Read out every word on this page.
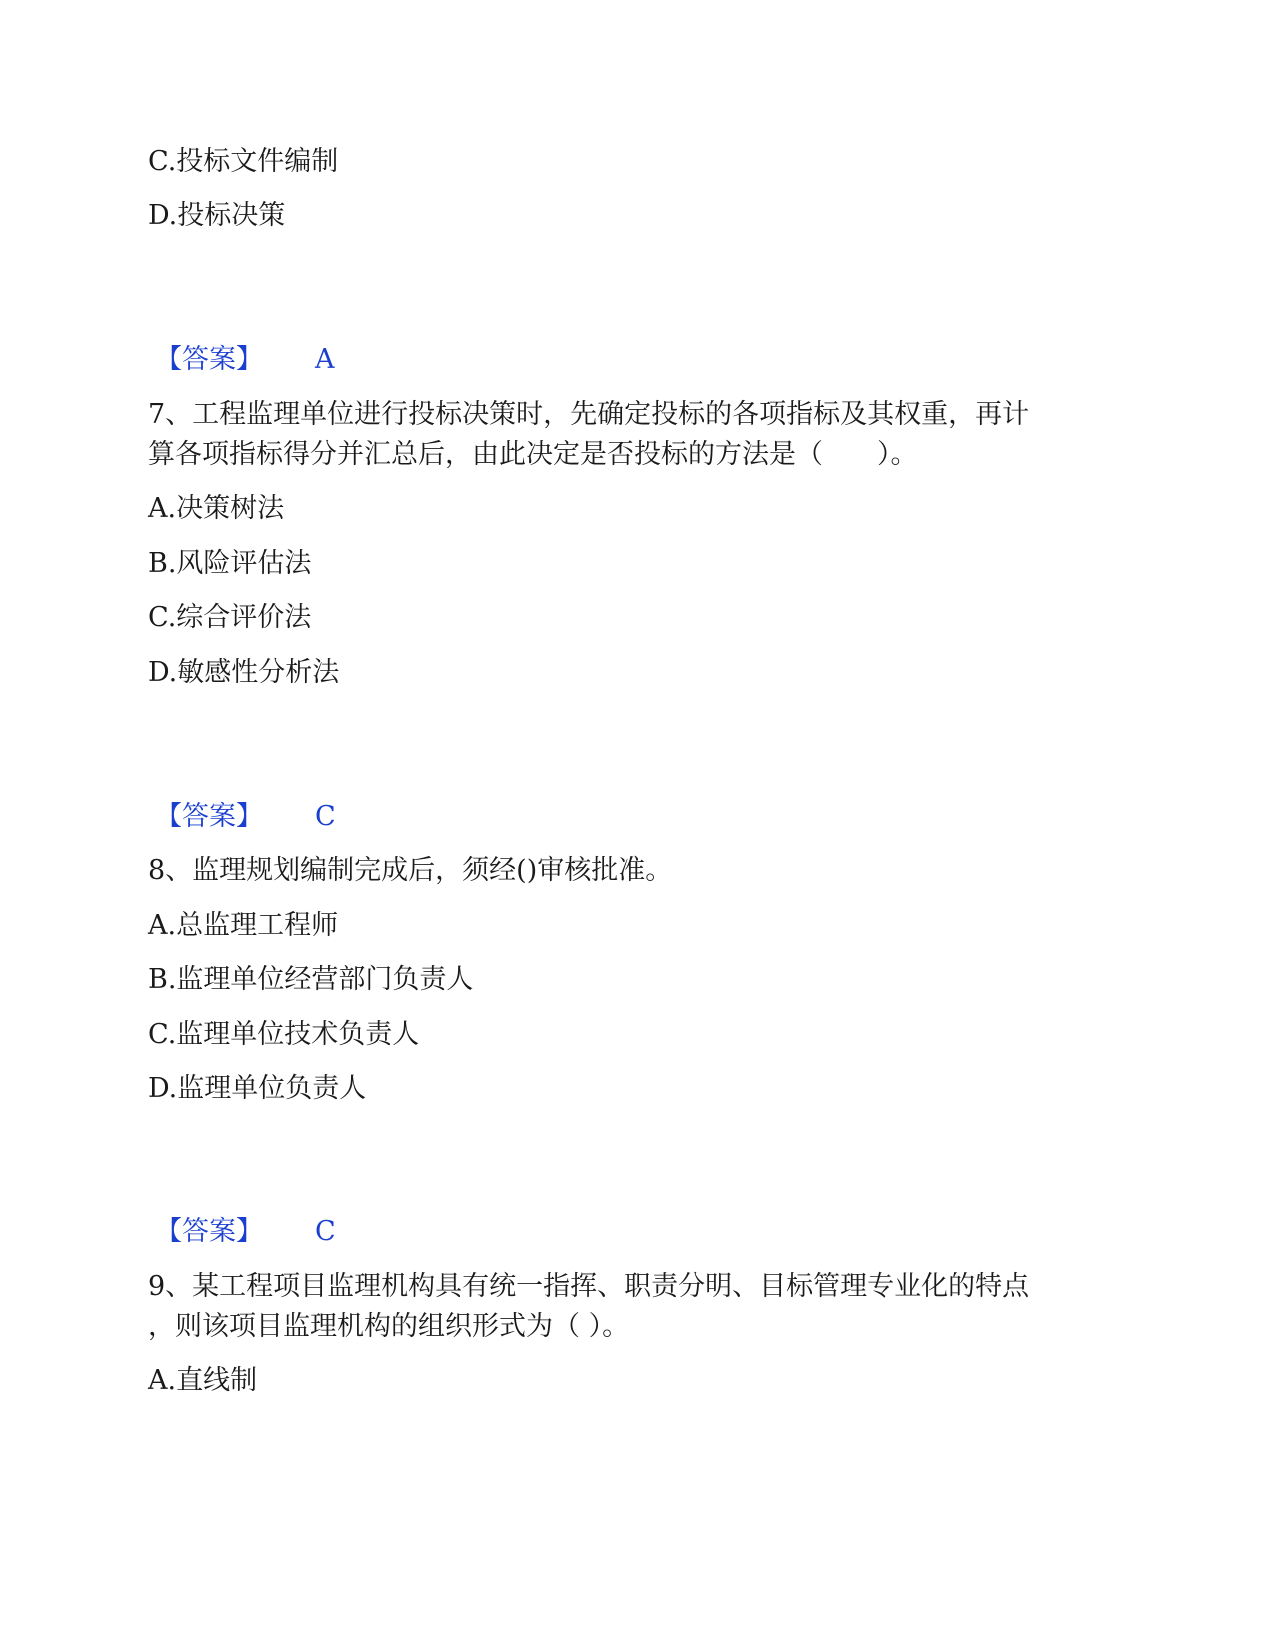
C.投标文件编制
D.投标决策
【答案】 A
7、工程监理单位进行投标决策时，先确定投标的各项指标及其权重，再计
算各项指标得分并汇总后，由此决定是否投标的方法是（　　）。
A.决策树法
B.风险评估法
C.综合评价法
D.敏感性分析法
【答案】 C
8、监理规划编制完成后，须经()审核批准。
A.总监理工程师
B.监理单位经营部门负责人
C.监理单位技术负责人
D.监理单位负责人
【答案】 C
9、某工程项目监理机构具有统一指挥、职责分明、目标管理专业化的特点
，则该项目监理机构的组织形式为（ ）。
A.直线制
